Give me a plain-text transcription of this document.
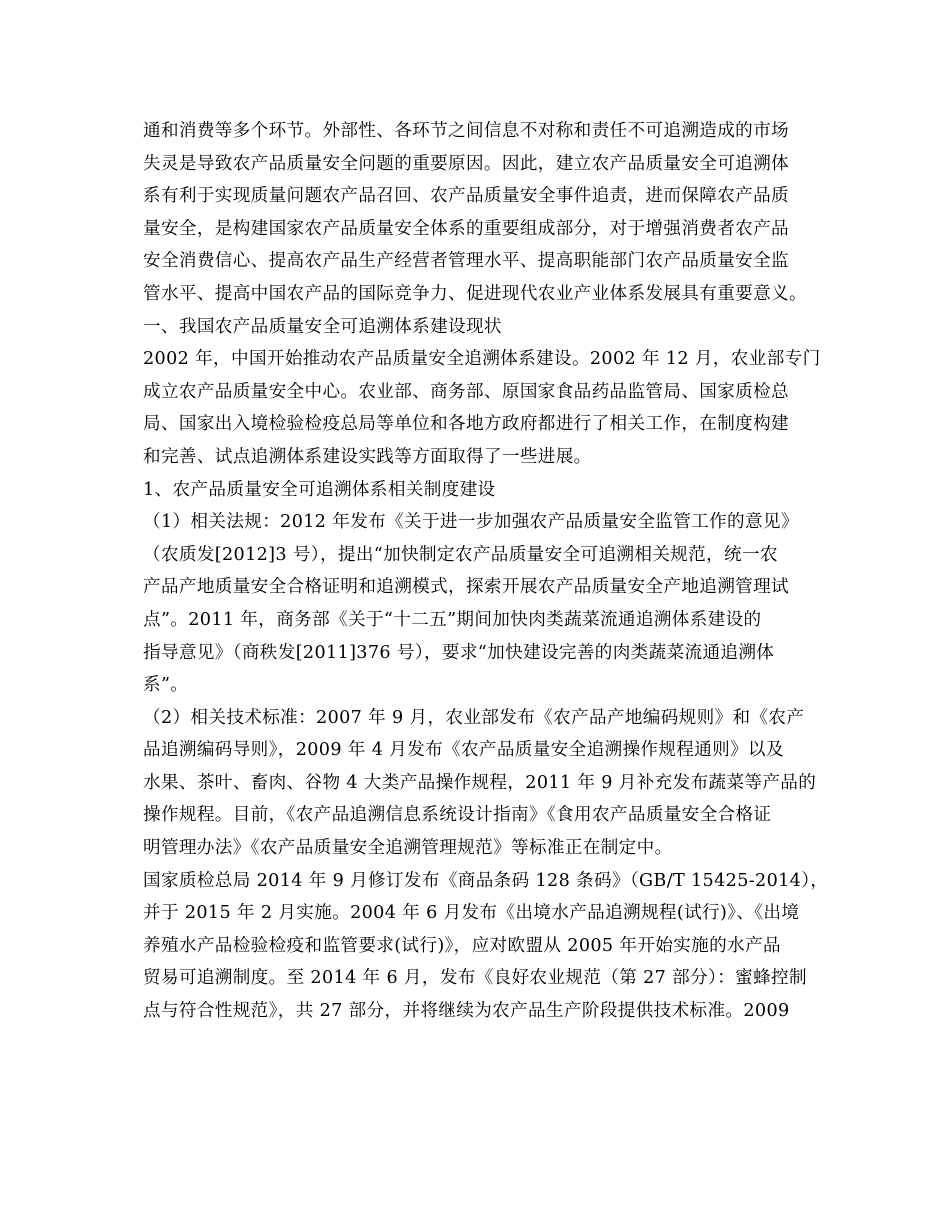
通和消费等多个环节。外部性、各环节之间信息不对称和责任不可追溯造成的市场
失灵是导致农产品质量安全问题的重要原因。因此，建立农产品质量安全可追溯体
系有利于实现质量问题农产品召回、农产品质量安全事件追责，进而保障农产品质
量安全，是构建国家农产品质量安全体系的重要组成部分，对于增强消费者农产品
安全消费信心、提高农产品生产经营者管理水平、提高职能部门农产品质量安全监
管水平、提高中国农产品的国际竞争力、促进现代农业产业体系发展具有重要意义。
一、我国农产品质量安全可追溯体系建设现状
2002 年，中国开始推动农产品质量安全追溯体系建设。2002 年 12 月，农业部专门
成立农产品质量安全中心。农业部、商务部、原国家食品药品监管局、国家质检总
局、国家出入境检验检疫总局等单位和各地方政府都进行了相关工作，在制度构建
和完善、试点追溯体系建设实践等方面取得了一些进展。
1、农产品质量安全可追溯体系相关制度建设
（1）相关法规：2012 年发布《关于进一步加强农产品质量安全监管工作的意见》
（农质发[2012]3 号），提出“加快制定农产品质量安全可追溯相关规范，统一农
产品产地质量安全合格证明和追溯模式，探索开展农产品质量安全产地追溯管理试
点”。2011 年，商务部《关于“十二五”期间加快肉类蔬菜流通追溯体系建设的
指导意见》（商秩发[2011]376 号），要求“加快建设完善的肉类蔬菜流通追溯体
系”。
（2）相关技术标准：2007 年 9 月，农业部发布《农产品产地编码规则》和《农产
品追溯编码导则》，2009 年 4 月发布《农产品质量安全追溯操作规程通则》以及
水果、茶叶、畜肉、谷物 4 大类产品操作规程，2011 年 9 月补充发布蔬菜等产品的
操作规程。目前，《农产品追溯信息系统设计指南》《食用农产品质量安全合格证
明管理办法》《农产品质量安全追溯管理规范》等标准正在制定中。
国家质检总局 2014 年 9 月修订发布《商品条码 128 条码》（GB/T 15425-2014），
并于 2015 年 2 月实施。2004 年 6 月发布《出境水产品追溯规程(试行)》、《出境
养殖水产品检验检疫和监管要求(试行)》，应对欧盟从 2005 年开始实施的水产品
贸易可追溯制度。至 2014 年 6 月，发布《良好农业规范（第 27 部分）：蜜蜂控制
点与符合性规范》，共 27 部分，并将继续为农产品生产阶段提供技术标准。2009
